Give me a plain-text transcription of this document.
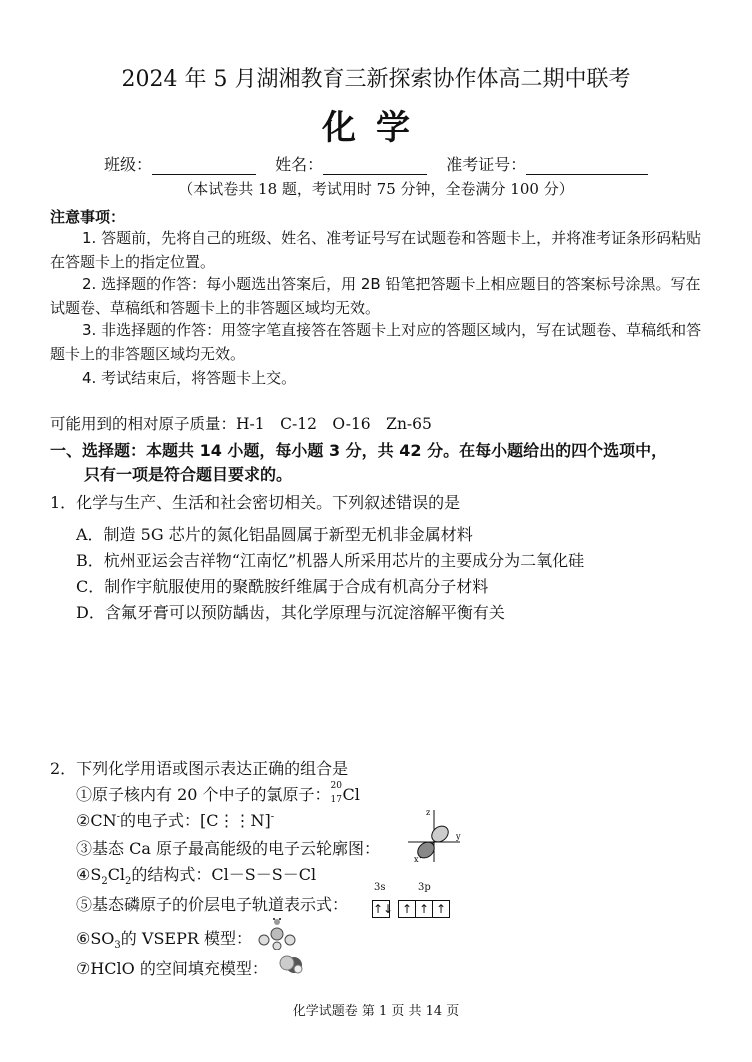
2024 年 5 月湖湘教育三新探索协作体高二期中联考
化学
班级：	姓名：	准考证号：
（本试卷共 18 题，考试用时 75 分钟，全卷满分 100 分）
注意事项：
1. 答题前，先将自己的班级、姓名、准考证号写在试题卷和答题卡上，并将准考证条形码粘贴在答题卡上的指定位置。
2. 选择题的作答：每小题选出答案后，用 2B 铅笔把答题卡上相应题目的答案标号涂黑。写在试题卷、草稿纸和答题卡上的非答题区域均无效。
3. 非选择题的作答：用签字笔直接答在答题卡上对应的答题区域内，写在试题卷、草稿纸和答题卡上的非答题区域均无效。
4. 考试结束后，将答题卡上交。
可能用到的相对原子质量：H-1　C-12　O-16　Zn-65
一、选择题：本题共 14 小题，每小题 3 分，共 42 分。在每小题给出的四个选项中，
只有一项是符合题目要求的。
1．化学与生产、生活和社会密切相关。下列叙述错误的是
A．制造 5G 芯片的氮化铝晶圆属于新型无机非金属材料
B．杭州亚运会吉祥物“江南忆”机器人所采用芯片的主要成分为二氧化硅
C．制作宇航服使用的聚酰胺纤维属于合成有机高分子材料
D．含氟牙膏可以预防龋齿，其化学原理与沉淀溶解平衡有关
2．下列化学用语或图示表达正确的组合是
①原子核内有 20 个中子的氯原子： 20
17 Cl
②CN-的电子式：[C⋮⋮N]-
③基态 Ca 原子最高能级的电子云轮廓图：
z
y
x
$④S_2Cl_2$的结构式：Cl－S－S－Cl
⑤基态磷原子的价层电子轨道表示式：
3s	3p
↑↓ ↑ ↑ ↑
$⑥SO_3$的 VSEPR 模型：
⑦HClO 的空间填充模型：
化学试题卷 第 1 页 共 14 页
